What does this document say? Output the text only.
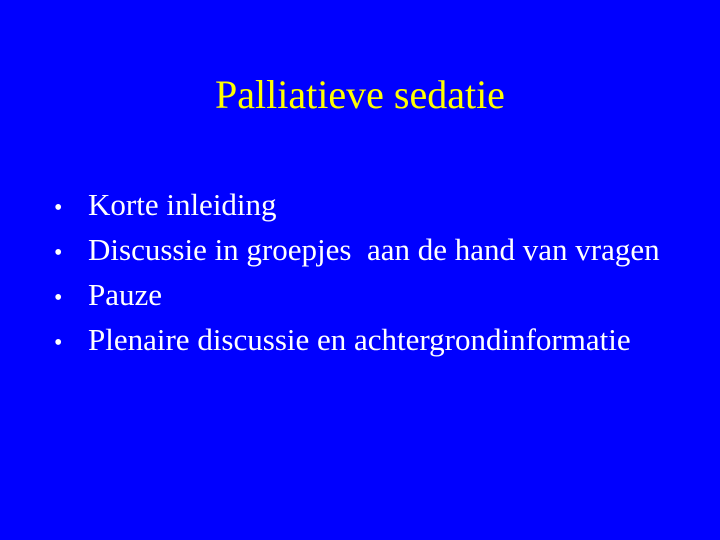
Palliatieve sedatie
• Korte inleiding
• Discussie in groepjes  aan de hand van vragen
• Pauze
• Plenaire discussie en achtergrondinformatie
